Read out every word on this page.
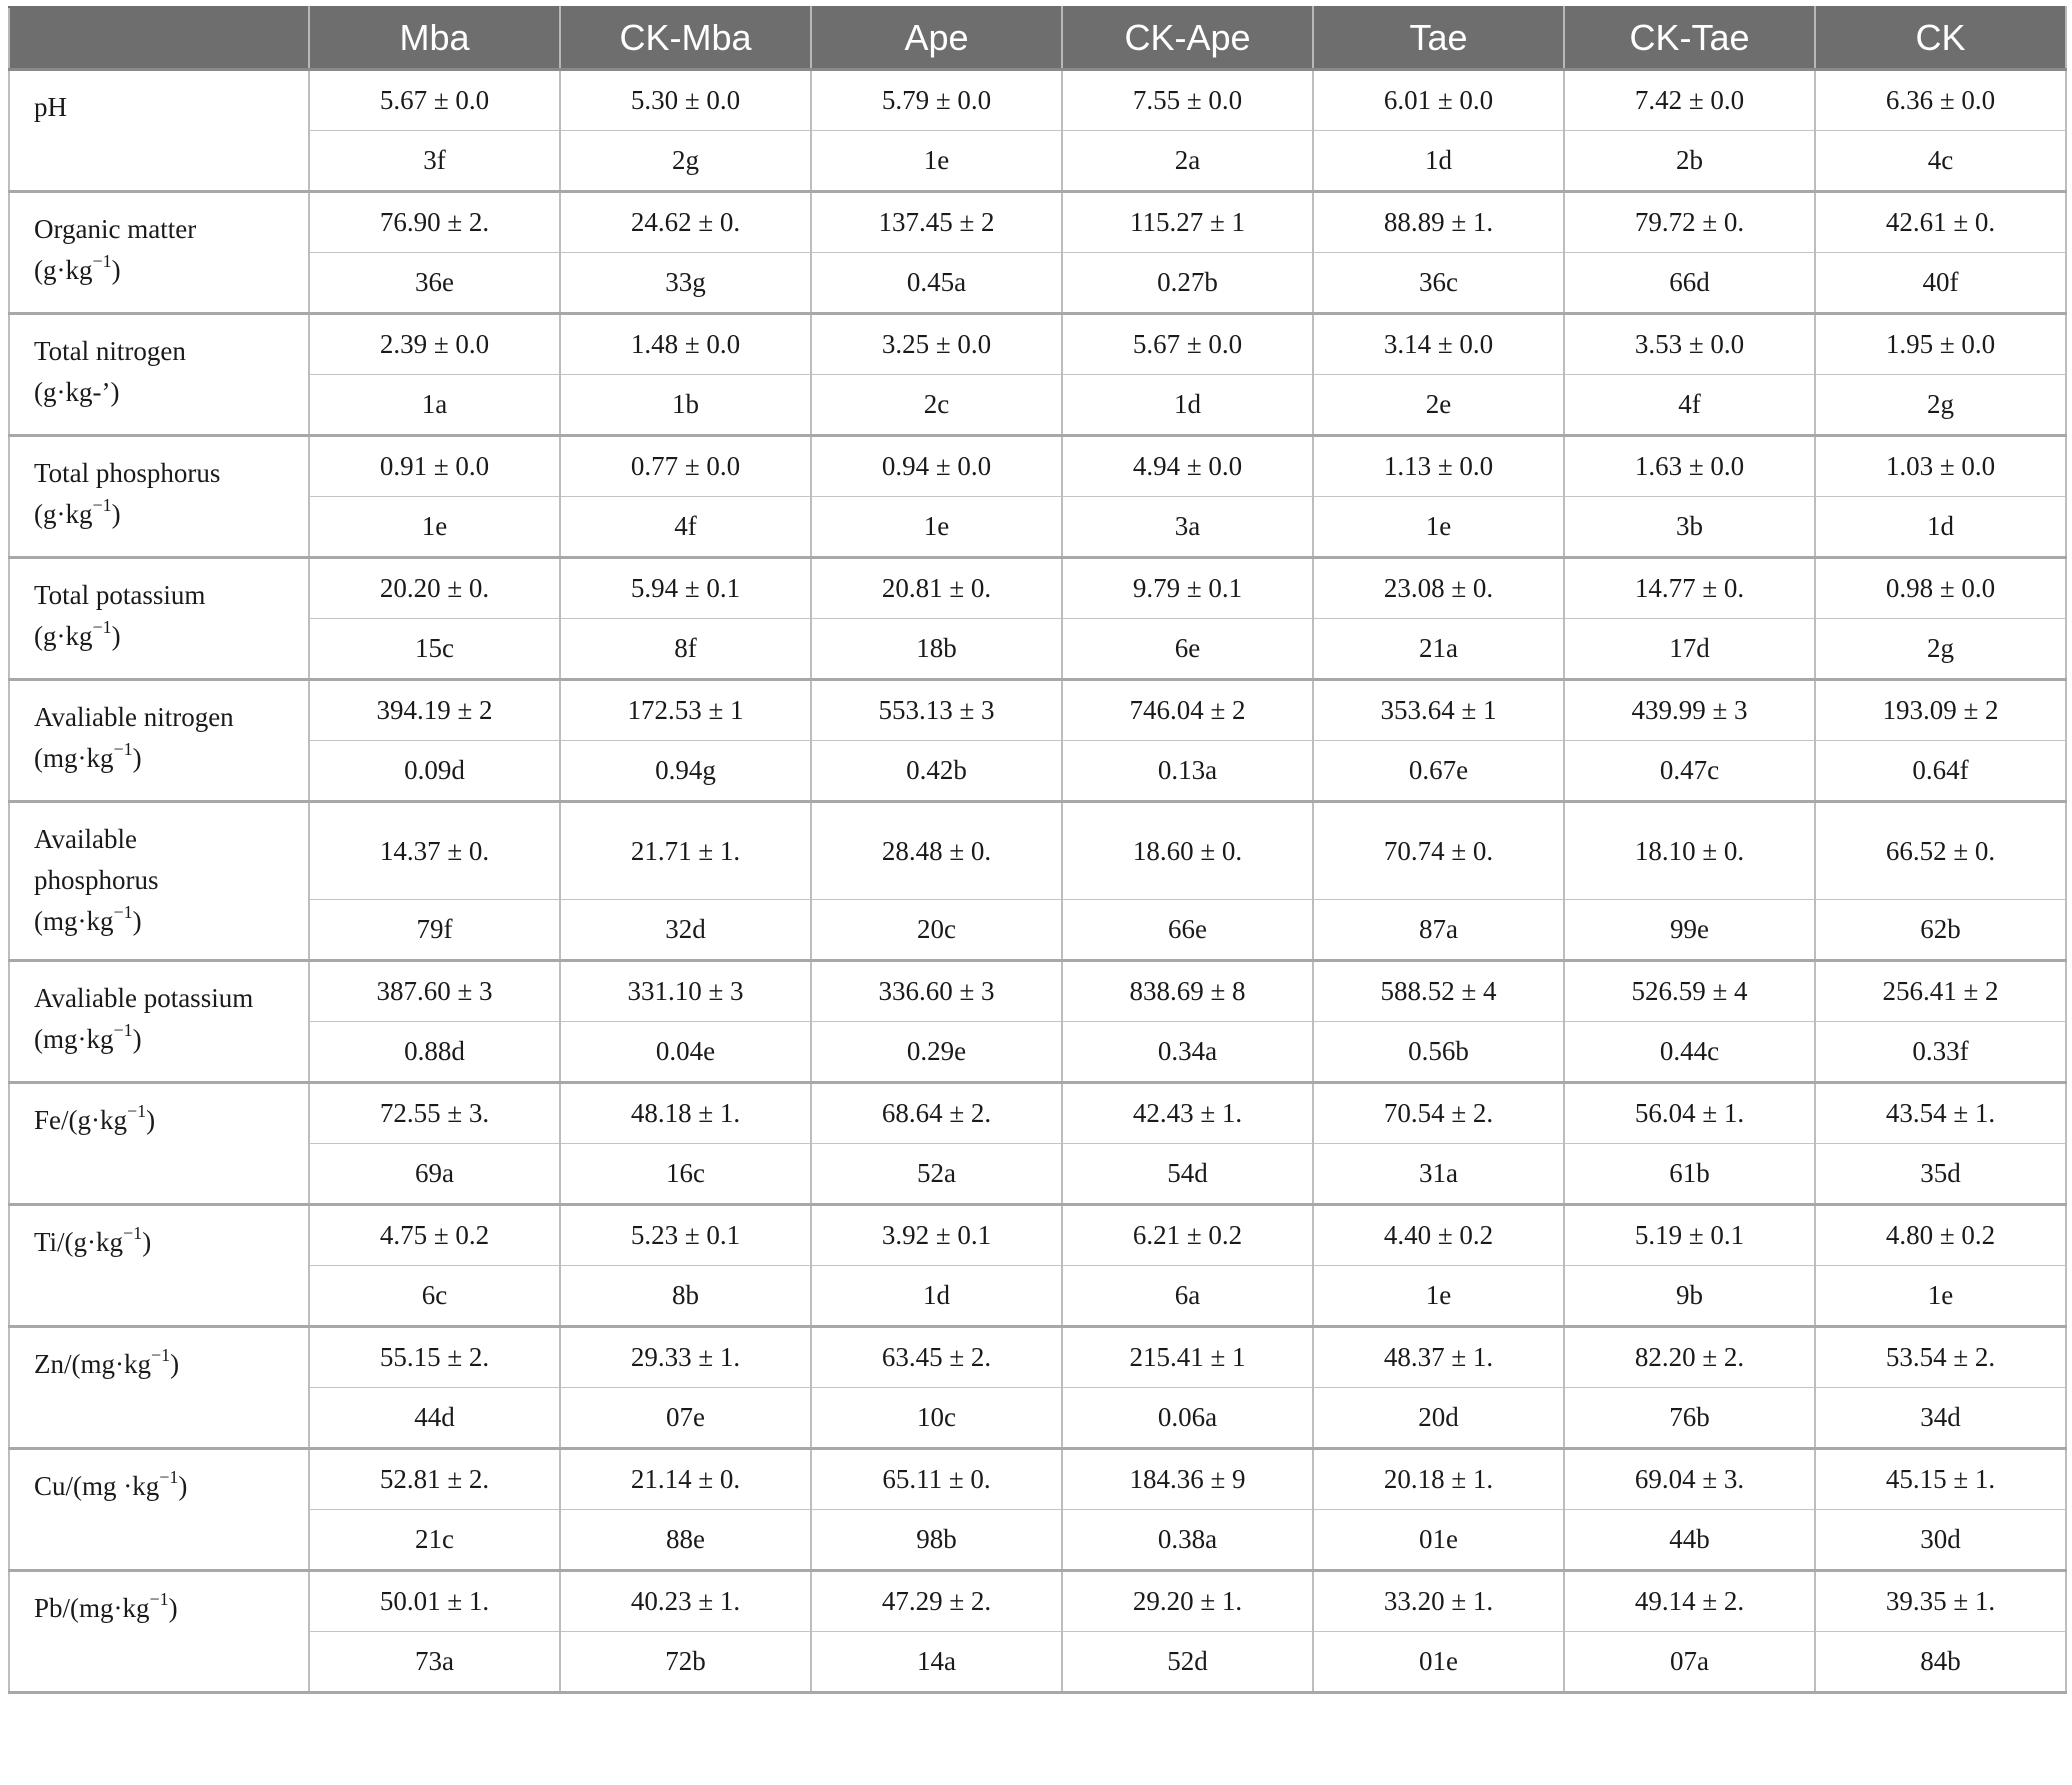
	Mba	CK-Mba	Ape	CK-Ape	Tae	CK-Tae	CK

pH	5.67 ± 0.0	5.30 ± 0.0	5.79 ± 0.0	7.55 ± 0.0	6.01 ± 0.0	7.42 ± 0.0	6.36 ± 0.0
	3f	2g	1e	2a	1d	2b	4c

Organic matter
$(g\cdot kg^{-1})$	76.90 ± 2.	24.62 ± 0.	137.45 ± 2	115.27 ± 1	88.89 ± 1.	79.72 ± 0.	42.61 ± 0.
	36e	33g	0.45a	0.27b	36c	66d	40f

Total nitrogen
(g·kg-’)	2.39 ± 0.0	1.48 ± 0.0	3.25 ± 0.0	5.67 ± 0.0	3.14 ± 0.0	3.53 ± 0.0	1.95 ± 0.0
	1a	1b	2c	1d	2e	4f	2g

Total phosphorus
$(g\cdot kg^{-1})$	0.91 ± 0.0	0.77 ± 0.0	0.94 ± 0.0	4.94 ± 0.0	1.13 ± 0.0	1.63 ± 0.0	1.03 ± 0.0
	1e	4f	1e	3a	1e	3b	1d

Total potassium
$(g\cdot kg^{-1})$	20.20 ± 0.	5.94 ± 0.1	20.81 ± 0.	9.79 ± 0.1	23.08 ± 0.	14.77 ± 0.	0.98 ± 0.0
	15c	8f	18b	6e	21a	17d	2g

Avaliable nitrogen
$(mg\cdot kg^{-1})$	394.19 ± 2	172.53 ± 1	553.13 ± 3	746.04 ± 2	353.64 ± 1	439.99 ± 3	193.09 ± 2
	0.09d	0.94g	0.42b	0.13a	0.67e	0.47c	0.64f

Available
phosphorus
$(mg\cdot kg^{-1})$	14.37 ± 0.	21.71 ± 1.	28.48 ± 0.	18.60 ± 0.	70.74 ± 0.	18.10 ± 0.	66.52 ± 0.
	79f	32d	20c	66e	87a	99e	62b

Avaliable potassium
$(mg\cdot kg^{-1})$	387.60 ± 3	331.10 ± 3	336.60 ± 3	838.69 ± 8	588.52 ± 4	526.59 ± 4	256.41 ± 2
	0.88d	0.04e	0.29e	0.34a	0.56b	0.44c	0.33f

$Fe/(g\cdot kg^{-1})$	72.55 ± 3.	48.18 ± 1.	68.64 ± 2.	42.43 ± 1.	70.54 ± 2.	56.04 ± 1.	43.54 ± 1.
	69a	16c	52a	54d	31a	61b	35d

$Ti/(g\cdot kg^{-1})$	4.75 ± 0.2	5.23 ± 0.1	3.92 ± 0.1	6.21 ± 0.2	4.40 ± 0.2	5.19 ± 0.1	4.80 ± 0.2
	6c	8b	1d	6a	1e	9b	1e

$Zn/(mg\cdot kg^{-1})$	55.15 ± 2.	29.33 ± 1.	63.45 ± 2.	215.41 ± 1	48.37 ± 1.	82.20 ± 2.	53.54 ± 2.
	44d	07e	10c	0.06a	20d	76b	34d

$Cu/(mg \cdot kg^{-1})$	52.81 ± 2.	21.14 ± 0.	65.11 ± 0.	184.36 ± 9	20.18 ± 1.	69.04 ± 3.	45.15 ± 1.
	21c	88e	98b	0.38a	01e	44b	30d

$Pb/(mg\cdot kg^{-1})$	50.01 ± 1.	40.23 ± 1.	47.29 ± 2.	29.20 ± 1.	33.20 ± 1.	49.14 ± 2.	39.35 ± 1.
	73a	72b	14a	52d	01e	07a	84b
